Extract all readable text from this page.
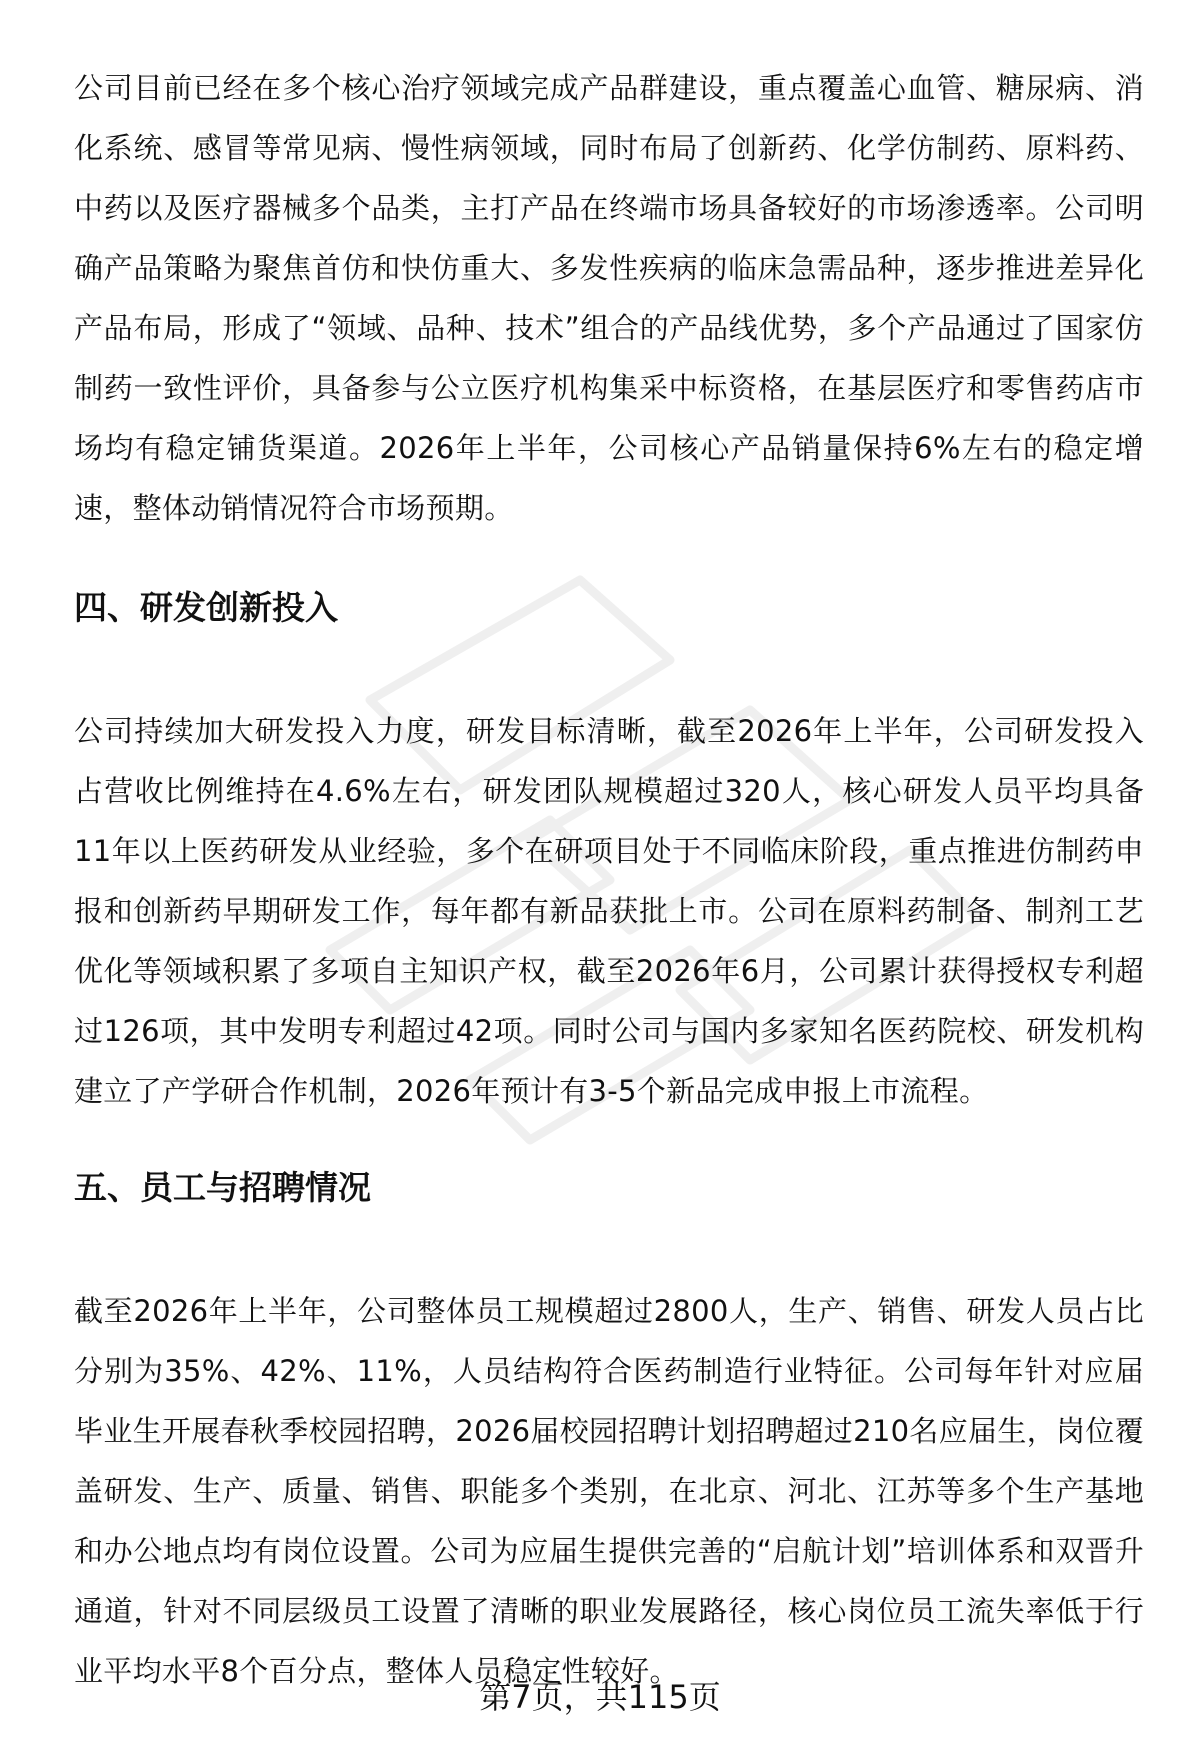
公司目前已经在多个核心治疗领域完成产品群建设，重点覆盖心血管、糖尿病、消化系统、感冒等常见病、慢性病领域，同时布局了创新药、化学仿制药、原料药、中药以及医疗器械多个品类，主打产品在终端市场具备较好的市场渗透率。公司明确产品策略为聚焦首仿和快仿重大、多发性疾病的临床急需品种，逐步推进差异化产品布局，形成了“领域、品种、技术”组合的产品线优势，多个产品通过了国家仿制药一致性评价，具备参与公立医疗机构集采中标资格，在基层医疗和零售药店市场均有稳定铺货渠道。2026年上半年，公司核心产品销量保持6%左右的稳定增速，整体动销情况符合市场预期。

四、研发创新投入

公司持续加大研发投入力度，研发目标清晰，截至2026年上半年，公司研发投入占营收比例维持在4.6%左右，研发团队规模超过320人，核心研发人员平均具备11年以上医药研发从业经验，多个在研项目处于不同临床阶段，重点推进仿制药申报和创新药早期研发工作，每年都有新品获批上市。公司在原料药制备、制剂工艺优化等领域积累了多项自主知识产权，截至2026年6月，公司累计获得授权专利超过126项，其中发明专利超过42项。同时公司与国内多家知名医药院校、研发机构建立了产学研合作机制，2026年预计有3-5个新品完成申报上市流程。

五、员工与招聘情况

截至2026年上半年，公司整体员工规模超过2800人，生产、销售、研发人员占比分别为35%、42%、11%，人员结构符合医药制造行业特征。公司每年针对应届毕业生开展春秋季校园招聘，2026届校园招聘计划招聘超过210名应届生，岗位覆盖研发、生产、质量、销售、职能多个类别，在北京、河北、江苏等多个生产基地和办公地点均有岗位设置。公司为应届生提供完善的“启航计划”培训体系和双晋升通道，针对不同层级员工设置了清晰的职业发展路径，核心岗位员工流失率低于行业平均水平8个百分点，整体人员稳定性较好。

第7页，共115页
